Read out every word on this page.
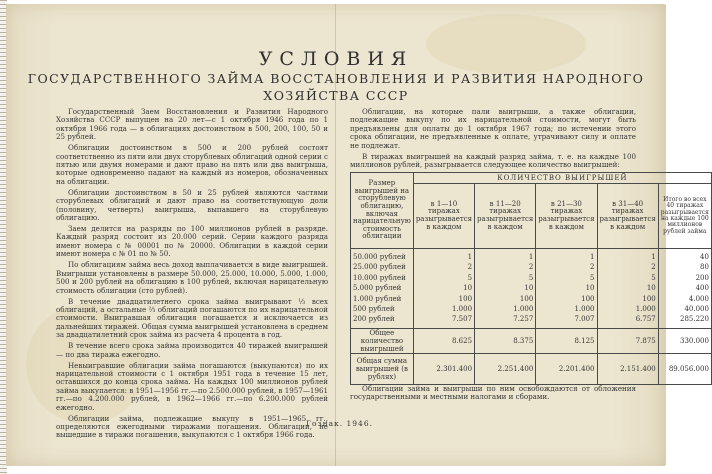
УСЛОВИЯ
ГОСУДАРСТВЕННОГО ЗАЙМА ВОССТАНОВЛЕНИЯ И РАЗВИТИЯ НАРОДНОГО
ХОЗЯЙСТВА СССР

Государственный Заем Восстановления и Развития Народного Хозяйства СССР выпущен на 20 лет—с 1 октября 1946 года по 1 октября 1966 года — в облигациях достоинством в 500, 200, 100, 50 и 25 рублей.

Облигации достоинством в 500 и 200 рублей состоят соответственно из пяти или двух сторублевых облигаций одной серии с пятью или двумя номерами и дают право на пять или два выигрыша, которые одновременно падают на каждый из номеров, обозначенных на облигации.

Облигации достоинством в 50 и 25 рублей являются частями сторублевых облигаций и дают право на соответствующую доли (половину, четверть) выигрыша, выпавшего на сторублевую облигацию.

Заем делится на разряды по 100 миллионов рублей в разряде. Каждый разряд состоит из 20.000 серий. Серии каждого разряда имеют номера с № 00001 по № 20000. Облигации в каждой серии имеют номера с № 01 по № 50.

По облигациям займа весь доход выплачивается в виде выигрышей. Выигрыши установлены в размере 50.000, 25.000, 10.000, 5.000, 1.000, 500 и 200 рублей на облигацию в 100 рублей, включая нарицательную стоимость облигации (сто рублей).

В течение двадцатилетнего срока займа выигрывают ⅓ всех облигаций, а остальные ⅔ облигаций погашаются по их нарицательной стоимости. Выигравшая облигация погашается и исключается из дальнейших тиражей. Общая сумма выигрышей установлена в среднем за двадцатилетний срок займа из расчета 4 процента в год.

В течение всего срока займа производится 40 тиражей выигрышей — по два тиража ежегодно.

Невыигравшие облигации займа погашаются (выкупаются) по их нарицательной стоимости с 1 октября 1951 года в течение 15 лет, оставшихся до конца срока займа. На каждых 100 миллионов рублей займа выкупается: в 1951—1956 гг.—по 2.500.000 рублей, в 1957—1961 гг.—по 4.200.000 рублей, в 1962—1966 гг.—по 6.200.000 рублей ежегодно.

Облигации займа, подлежащие выкупу в 1951—1965 гг., определяются ежегодными тиражами погашения. Облигации, не вышедшие в тиражи погашения, выкупаются с 1 октября 1966 года.

Облигации, на которые пали выигрыши, а также облигации, подлежащие выкупу по их нарицательной стоимости, могут быть предъявлены для оплаты до 1 октября 1967 года; по истечении этого срока облигации, не предъявленные к оплате, утрачивают силу и оплате не подлежат.

В тиражах выигрышей на каждый разряд займа, т. е. на каждые 100 миллионов рублей, разыгрывается следующее количество выигрышей:

Размер выигрышей на сторублевую облигацию, включая нарицательную стоимость облигации	КОЛИЧЕСТВО ВЫИГРЫШЕЙ				
	в 1—10 тиражах разыгрывается в каждом	в 11—20 тиражах разыгрывается в каждом	в 21—30 тиражах разыгрывается в каждом	в 31—40 тиражах разыгрывается в каждом	Итого во всех 40 тиражах разыгрывается на каждые 100 миллионов рублей займа
50.000 рублей	1	1	1	1	40
25.000 рублей	2	2	2	2	80
10.000 рублей	5	5	5	5	200
5.000 рублей	10	10	10	10	400
1.000 рублей	100	100	100	100	4.000
500 рублей	1.000	1.000	1.000	1.000	40.000
200 рублей	7.507	7.257	7.007	6.757	285.220
Общее количество выигрышей	8.625	8.375	8.125	7.875	330.000
Общая сумма выигрышей (в рублях)	2.301.400	2.251.400	2.201.400	2.151.400	89.056.000

Облигации займа и выигрыши по ним освобождаются от обложения государственными и местными налогами и сборами.

Гознак. 1946.
